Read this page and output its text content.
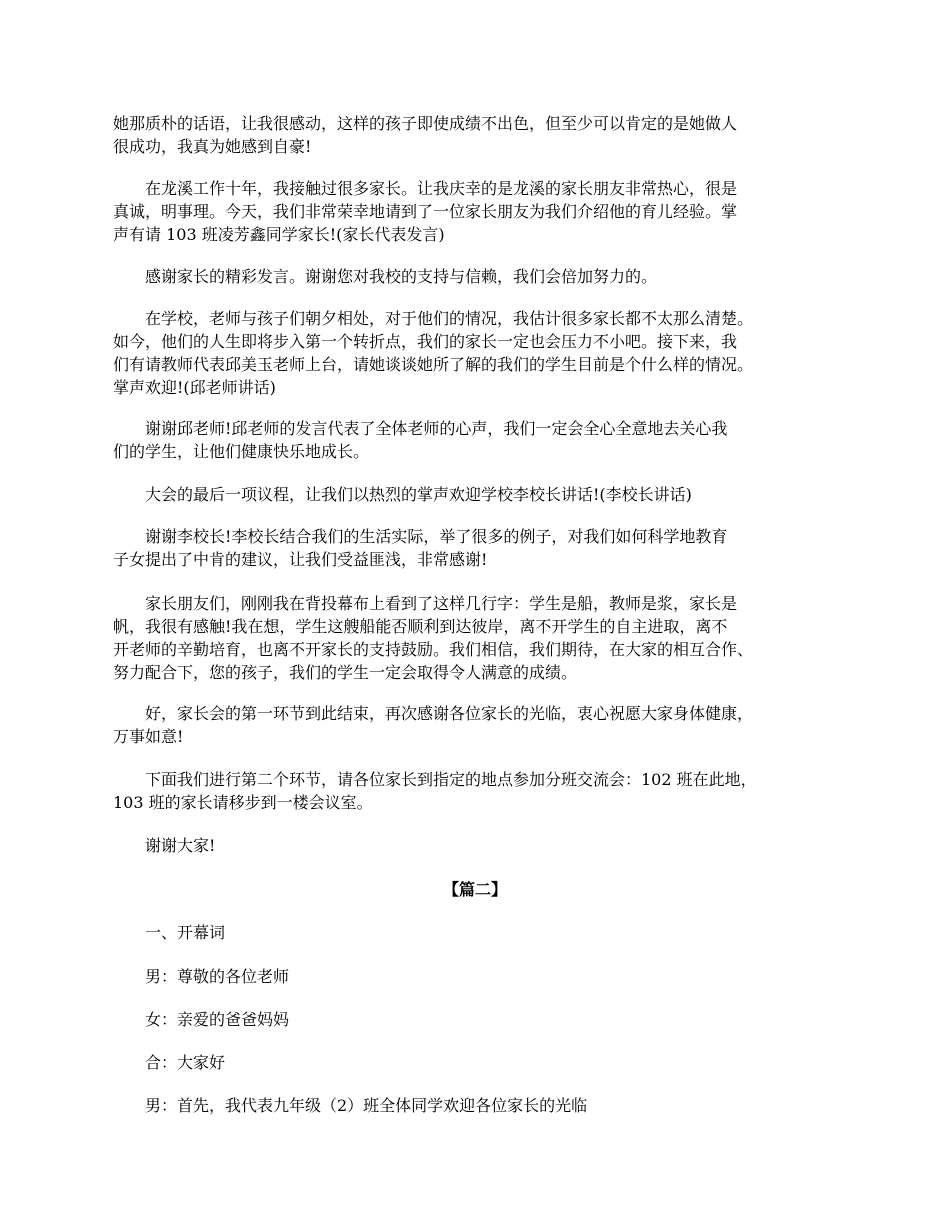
她那质朴的话语，让我很感动，这样的孩子即使成绩不出色，但至少可以肯定的是她做人
很成功，我真为她感到自豪!
　　在龙溪工作十年，我接触过很多家长。让我庆幸的是龙溪的家长朋友非常热心，很是
真诚，明事理。今天，我们非常荣幸地请到了一位家长朋友为我们介绍他的育儿经验。掌
声有请 103 班凌芳鑫同学家长!(家长代表发言)
　　感谢家长的精彩发言。谢谢您对我校的支持与信赖，我们会倍加努力的。
　　在学校，老师与孩子们朝夕相处，对于他们的情况，我估计很多家长都不太那么清楚。
如今，他们的人生即将步入第一个转折点，我们的家长一定也会压力不小吧。接下来，我
们有请教师代表邱美玉老师上台，请她谈谈她所了解的我们的学生目前是个什么样的情况。
掌声欢迎!(邱老师讲话)
　　谢谢邱老师!邱老师的发言代表了全体老师的心声，我们一定会全心全意地去关心我
们的学生，让他们健康快乐地成长。
　　大会的最后一项议程，让我们以热烈的掌声欢迎学校李校长讲话!(李校长讲话)
　　谢谢李校长!李校长结合我们的生活实际，举了很多的例子，对我们如何科学地教育
子女提出了中肯的建议，让我们受益匪浅，非常感谢!
　　家长朋友们，刚刚我在背投幕布上看到了这样几行字：学生是船，教师是浆，家长是
帆，我很有感触!我在想，学生这艘船能否顺利到达彼岸，离不开学生的自主进取，离不
开老师的辛勤培育，也离不开家长的支持鼓励。我们相信，我们期待，在大家的相互合作、
努力配合下，您的孩子，我们的学生一定会取得令人满意的成绩。
　　好，家长会的第一环节到此结束，再次感谢各位家长的光临，衷心祝愿大家身体健康，
万事如意!
　　下面我们进行第二个环节，请各位家长到指定的地点参加分班交流会：102 班在此地，
103 班的家长请移步到一楼会议室。
　　谢谢大家!
【篇二】
　　一、开幕词
　　男：尊敬的各位老师
　　女：亲爱的爸爸妈妈
　　合：大家好
　　男：首先，我代表九年级（2）班全体同学欢迎各位家长的光临
